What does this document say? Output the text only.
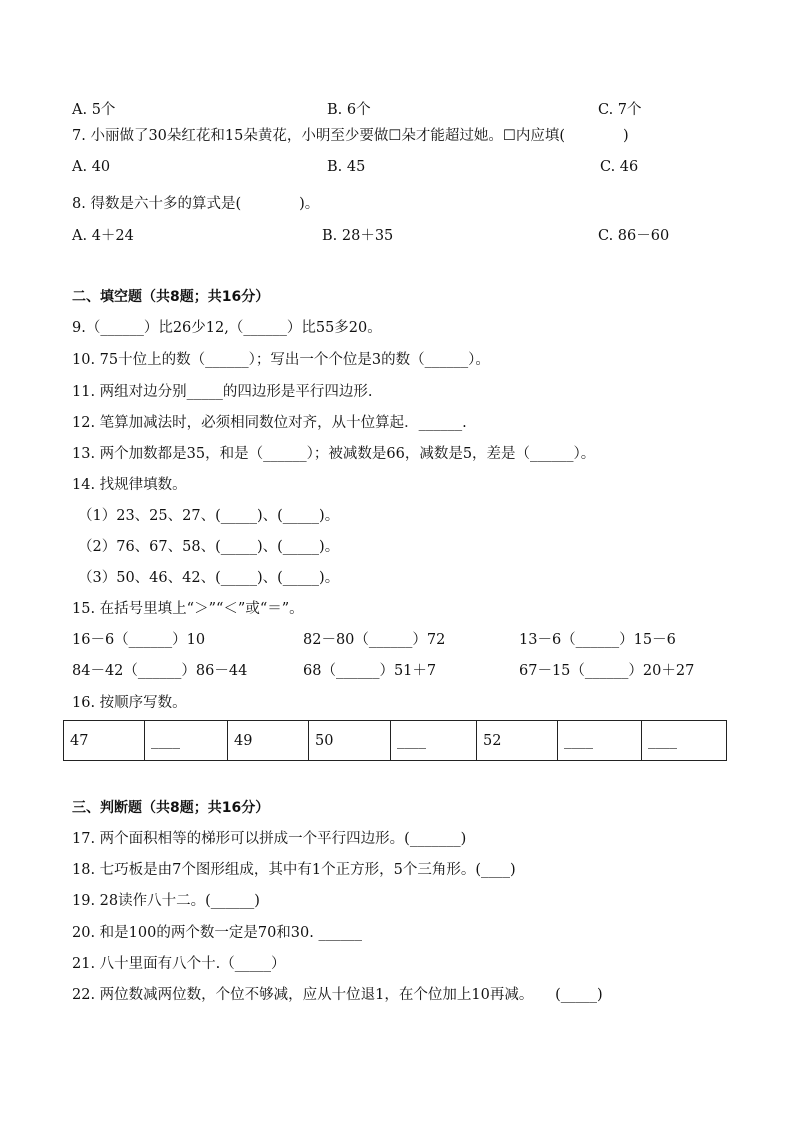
A. 5个	B. 6个	C. 7个
7. 小丽做了30朵红花和15朵黄花，小明至少要做☐朵才能超过她。☐内应填(　　　　)
A. 40	B. 45	C. 46
8. 得数是六十多的算式是(　　　　)。
A. 4＋24	B. 28＋35	C. 86－60
二、填空题（共8题；共16分）
9.（______）比26少12,（______）比55多20。
10. 75十位上的数（______）；写出一个个位是3的数（______）。
11. 两组对边分别_____的四边形是平行四边形.
12. 笔算加减法时，必须相同数位对齐，从十位算起．______.
13. 两个加数都是35，和是（______）；被减数是66，减数是5，差是（______）。
14. 找规律填数。
（1）23、25、27、(_____)、(_____)。
（2）76、67、58、(_____)、(_____)。
（3）50、46、42、(_____)、(_____)。
15. 在括号里填上“＞”“＜”或“＝”。
16－6（______）10	82－80（______）72	13－6（______）15－6
84－42（______）86－44	68（______）51＋7	67－15（______）20＋27
16. 按顺序写数。
47	____	49	50	____	52	____	____
三、判断题（共8题；共16分）
17. 两个面积相等的梯形可以拼成一个平行四边形。(_______)
18. 七巧板是由7个图形组成，其中有1个正方形，5个三角形。(____)
19. 28读作八十二。(______)
20. 和是100的两个数一定是70和30. ______
21. 八十里面有八个十.（_____）
22. 两位数减两位数，个位不够减，应从十位退1，在个位加上10再减。　　(_____)
